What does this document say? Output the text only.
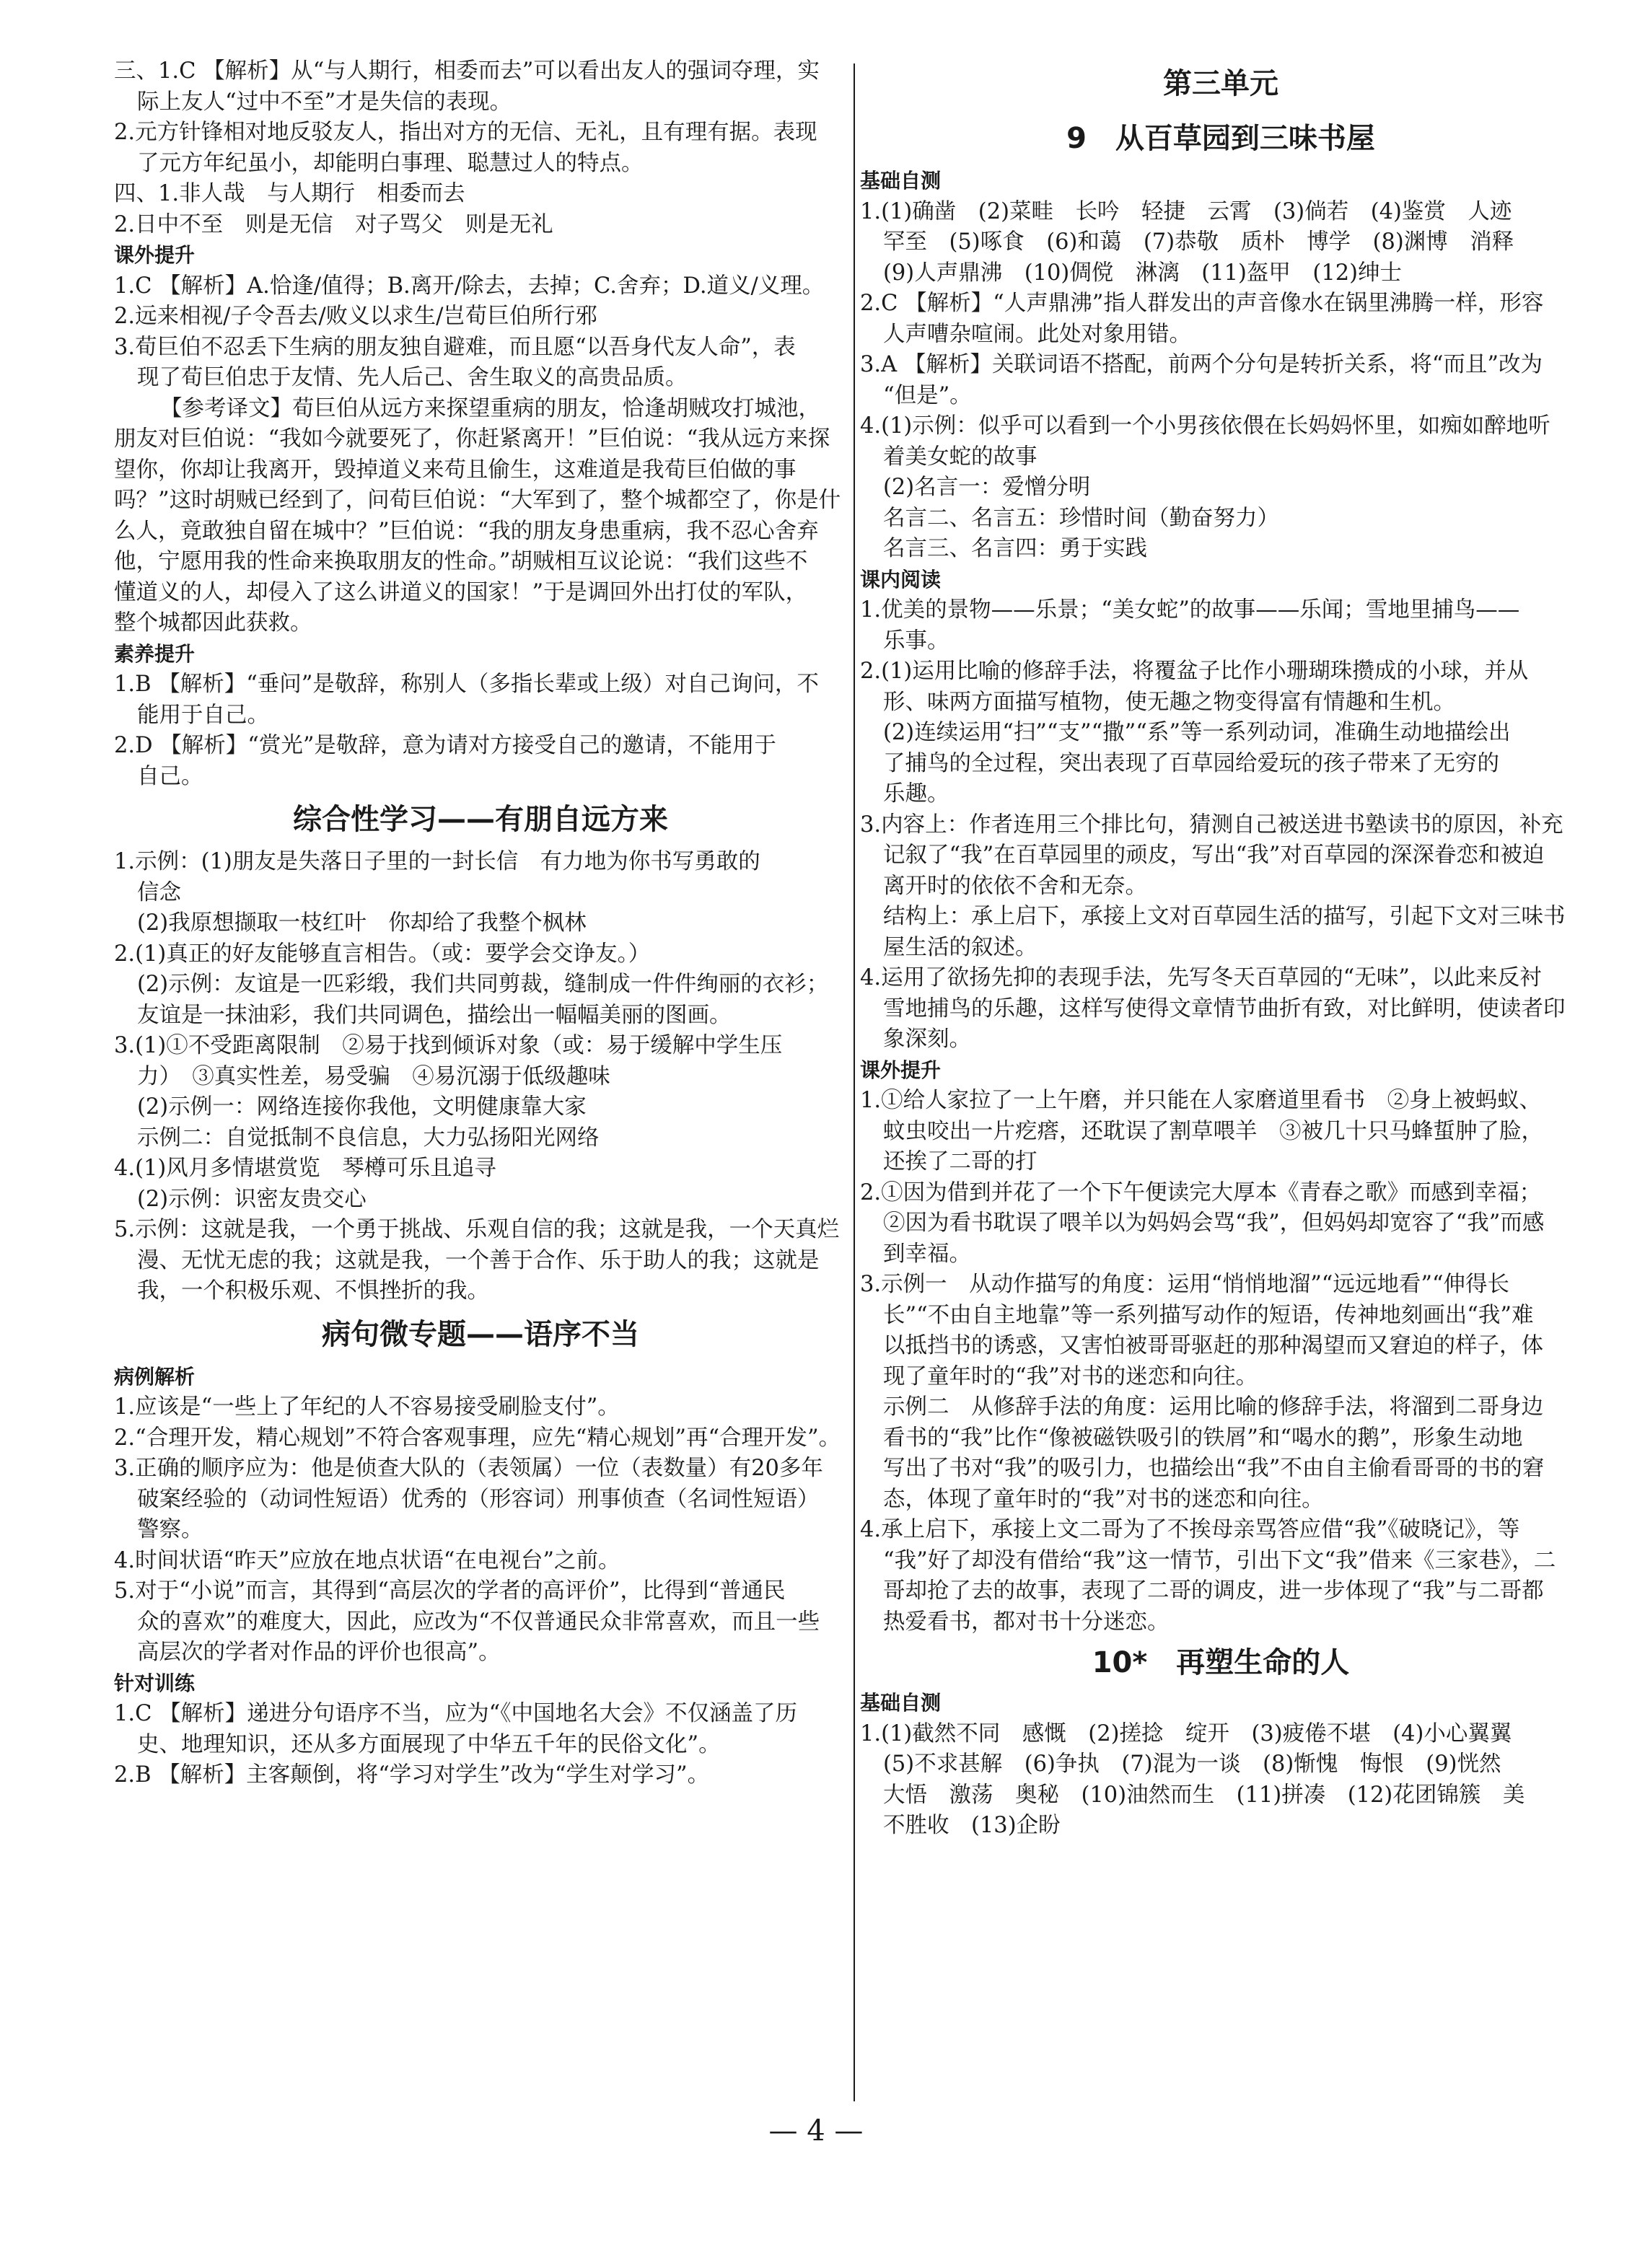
三、1.C 【解析】从“与人期行，相委而去”可以看出友人的强词夺理，实
际上友人“过中不至”才是失信的表现。
2.元方针锋相对地反驳友人，指出对方的无信、无礼，且有理有据。表现
了元方年纪虽小，却能明白事理、聪慧过人的特点。
四、1.非人哉　与人期行　相委而去
2.日中不至　则是无信　对子骂父　则是无礼
课外提升
1.C 【解析】A.恰逢/值得；B.离开/除去，去掉；C.舍弃；D.道义/义理。
2.远来相视/子令吾去/败义以求生/岂荀巨伯所行邪
3.荀巨伯不忍丢下生病的朋友独自避难，而且愿“以吾身代友人命”，表
现了荀巨伯忠于友情、先人后己、舍生取义的高贵品质。
【参考译文】荀巨伯从远方来探望重病的朋友，恰逢胡贼攻打城池，
朋友对巨伯说：“我如今就要死了，你赶紧离开！”巨伯说：“我从远方来探
望你，你却让我离开，毁掉道义来苟且偷生，这难道是我荀巨伯做的事
吗？”这时胡贼已经到了，问荀巨伯说：“大军到了，整个城都空了，你是什
么人，竟敢独自留在城中？”巨伯说：“我的朋友身患重病，我不忍心舍弃
他，宁愿用我的性命来换取朋友的性命。”胡贼相互议论说：“我们这些不
懂道义的人，却侵入了这么讲道义的国家！”于是调回外出打仗的军队，
整个城都因此获救。
素养提升
1.B 【解析】“垂问”是敬辞，称别人（多指长辈或上级）对自己询问，不
能用于自己。
2.D 【解析】“赏光”是敬辞，意为请对方接受自己的邀请，不能用于
自己。
综合性学习——有朋自远方来
1.示例：(1)朋友是失落日子里的一封长信　有力地为你书写勇敢的
信念
(2)我原想撷取一枝红叶　你却给了我整个枫林
2.(1)真正的好友能够直言相告。（或：要学会交诤友。）
(2)示例：友谊是一匹彩缎，我们共同剪裁，缝制成一件件绚丽的衣衫；
友谊是一抹油彩，我们共同调色，描绘出一幅幅美丽的图画。
3.(1)①不受距离限制　②易于找到倾诉对象（或：易于缓解中学生压
力）　③真实性差，易受骗　④易沉溺于低级趣味
(2)示例一：网络连接你我他，文明健康靠大家
示例二：自觉抵制不良信息，大力弘扬阳光网络
4.(1)风月多情堪赏览　琴樽可乐且追寻
(2)示例：识密友贵交心
5.示例：这就是我，一个勇于挑战、乐观自信的我；这就是我，一个天真烂
漫、无忧无虑的我；这就是我，一个善于合作、乐于助人的我；这就是
我，一个积极乐观、不惧挫折的我。
病句微专题——语序不当
病例解析
1.应该是“一些上了年纪的人不容易接受刷脸支付”。
2.“合理开发，精心规划”不符合客观事理，应先“精心规划”再“合理开发”。
3.正确的顺序应为：他是侦查大队的（表领属）一位（表数量）有20多年
破案经验的（动词性短语）优秀的（形容词）刑事侦查（名词性短语）
警察。
4.时间状语“昨天”应放在地点状语“在电视台”之前。
5.对于“小说”而言，其得到“高层次的学者的高评价”，比得到“普通民
众的喜欢”的难度大，因此，应改为“不仅普通民众非常喜欢，而且一些
高层次的学者对作品的评价也很高”。
针对训练
1.C 【解析】递进分句语序不当，应为“《中国地名大会》不仅涵盖了历
史、地理知识，还从多方面展现了中华五千年的民俗文化”。
2.B 【解析】主客颠倒，将“学习对学生”改为“学生对学习”。
第三单元
9　从百草园到三味书屋
基础自测
1.(1)确凿　(2)菜畦　长吟　轻捷　云霄　(3)倘若　(4)鉴赏　人迹
罕至　(5)啄食　(6)和蔼　(7)恭敬　质朴　博学　(8)渊博　消释
(9)人声鼎沸　(10)倜傥　淋漓　(11)盔甲　(12)绅士
2.C 【解析】“人声鼎沸”指人群发出的声音像水在锅里沸腾一样，形容
人声嘈杂喧闹。此处对象用错。
3.A 【解析】关联词语不搭配，前两个分句是转折关系，将“而且”改为
“但是”。
4.(1)示例：似乎可以看到一个小男孩依偎在长妈妈怀里，如痴如醉地听
着美女蛇的故事
(2)名言一：爱憎分明
名言二、名言五：珍惜时间（勤奋努力）
名言三、名言四：勇于实践
课内阅读
1.优美的景物——乐景；“美女蛇”的故事——乐闻；雪地里捕鸟——
乐事。
2.(1)运用比喻的修辞手法，将覆盆子比作小珊瑚珠攒成的小球，并从
形、味两方面描写植物，使无趣之物变得富有情趣和生机。
(2)连续运用“扫”“支”“撒”“系”等一系列动词，准确生动地描绘出
了捕鸟的全过程，突出表现了百草园给爱玩的孩子带来了无穷的
乐趣。
3.内容上：作者连用三个排比句，猜测自己被送进书塾读书的原因，补充
记叙了“我”在百草园里的顽皮，写出“我”对百草园的深深眷恋和被迫
离开时的依依不舍和无奈。
结构上：承上启下，承接上文对百草园生活的描写，引起下文对三味书
屋生活的叙述。
4.运用了欲扬先抑的表现手法，先写冬天百草园的“无味”，以此来反衬
雪地捕鸟的乐趣，这样写使得文章情节曲折有致，对比鲜明，使读者印
象深刻。
课外提升
1.①给人家拉了一上午磨，并只能在人家磨道里看书　②身上被蚂蚁、
蚊虫咬出一片疙瘩，还耽误了割草喂羊　③被几十只马蜂蜇肿了脸，
还挨了二哥的打
2.①因为借到并花了一个下午便读完大厚本《青春之歌》而感到幸福；
②因为看书耽误了喂羊以为妈妈会骂“我”，但妈妈却宽容了“我”而感
到幸福。
3.示例一　从动作描写的角度：运用“悄悄地溜”“远远地看”“伸得长
长”“不由自主地靠”等一系列描写动作的短语，传神地刻画出“我”难
以抵挡书的诱惑，又害怕被哥哥驱赶的那种渴望而又窘迫的样子，体
现了童年时的“我”对书的迷恋和向往。
示例二　从修辞手法的角度：运用比喻的修辞手法，将溜到二哥身边
看书的“我”比作“像被磁铁吸引的铁屑”和“喝水的鹅”，形象生动地
写出了书对“我”的吸引力，也描绘出“我”不由自主偷看哥哥的书的窘
态，体现了童年时的“我”对书的迷恋和向往。
4.承上启下，承接上文二哥为了不挨母亲骂答应借“我”《破晓记》，等
“我”好了却没有借给“我”这一情节，引出下文“我”借来《三家巷》，二
哥却抢了去的故事，表现了二哥的调皮，进一步体现了“我”与二哥都
热爱看书，都对书十分迷恋。
10*　再塑生命的人
基础自测
1.(1)截然不同　感慨　(2)搓捻　绽开　(3)疲倦不堪　(4)小心翼翼
(5)不求甚解　(6)争执　(7)混为一谈　(8)惭愧　悔恨　(9)恍然
大悟　激荡　奥秘　(10)油然而生　(11)拼凑　(12)花团锦簇　美
不胜收　(13)企盼
— 4 —
